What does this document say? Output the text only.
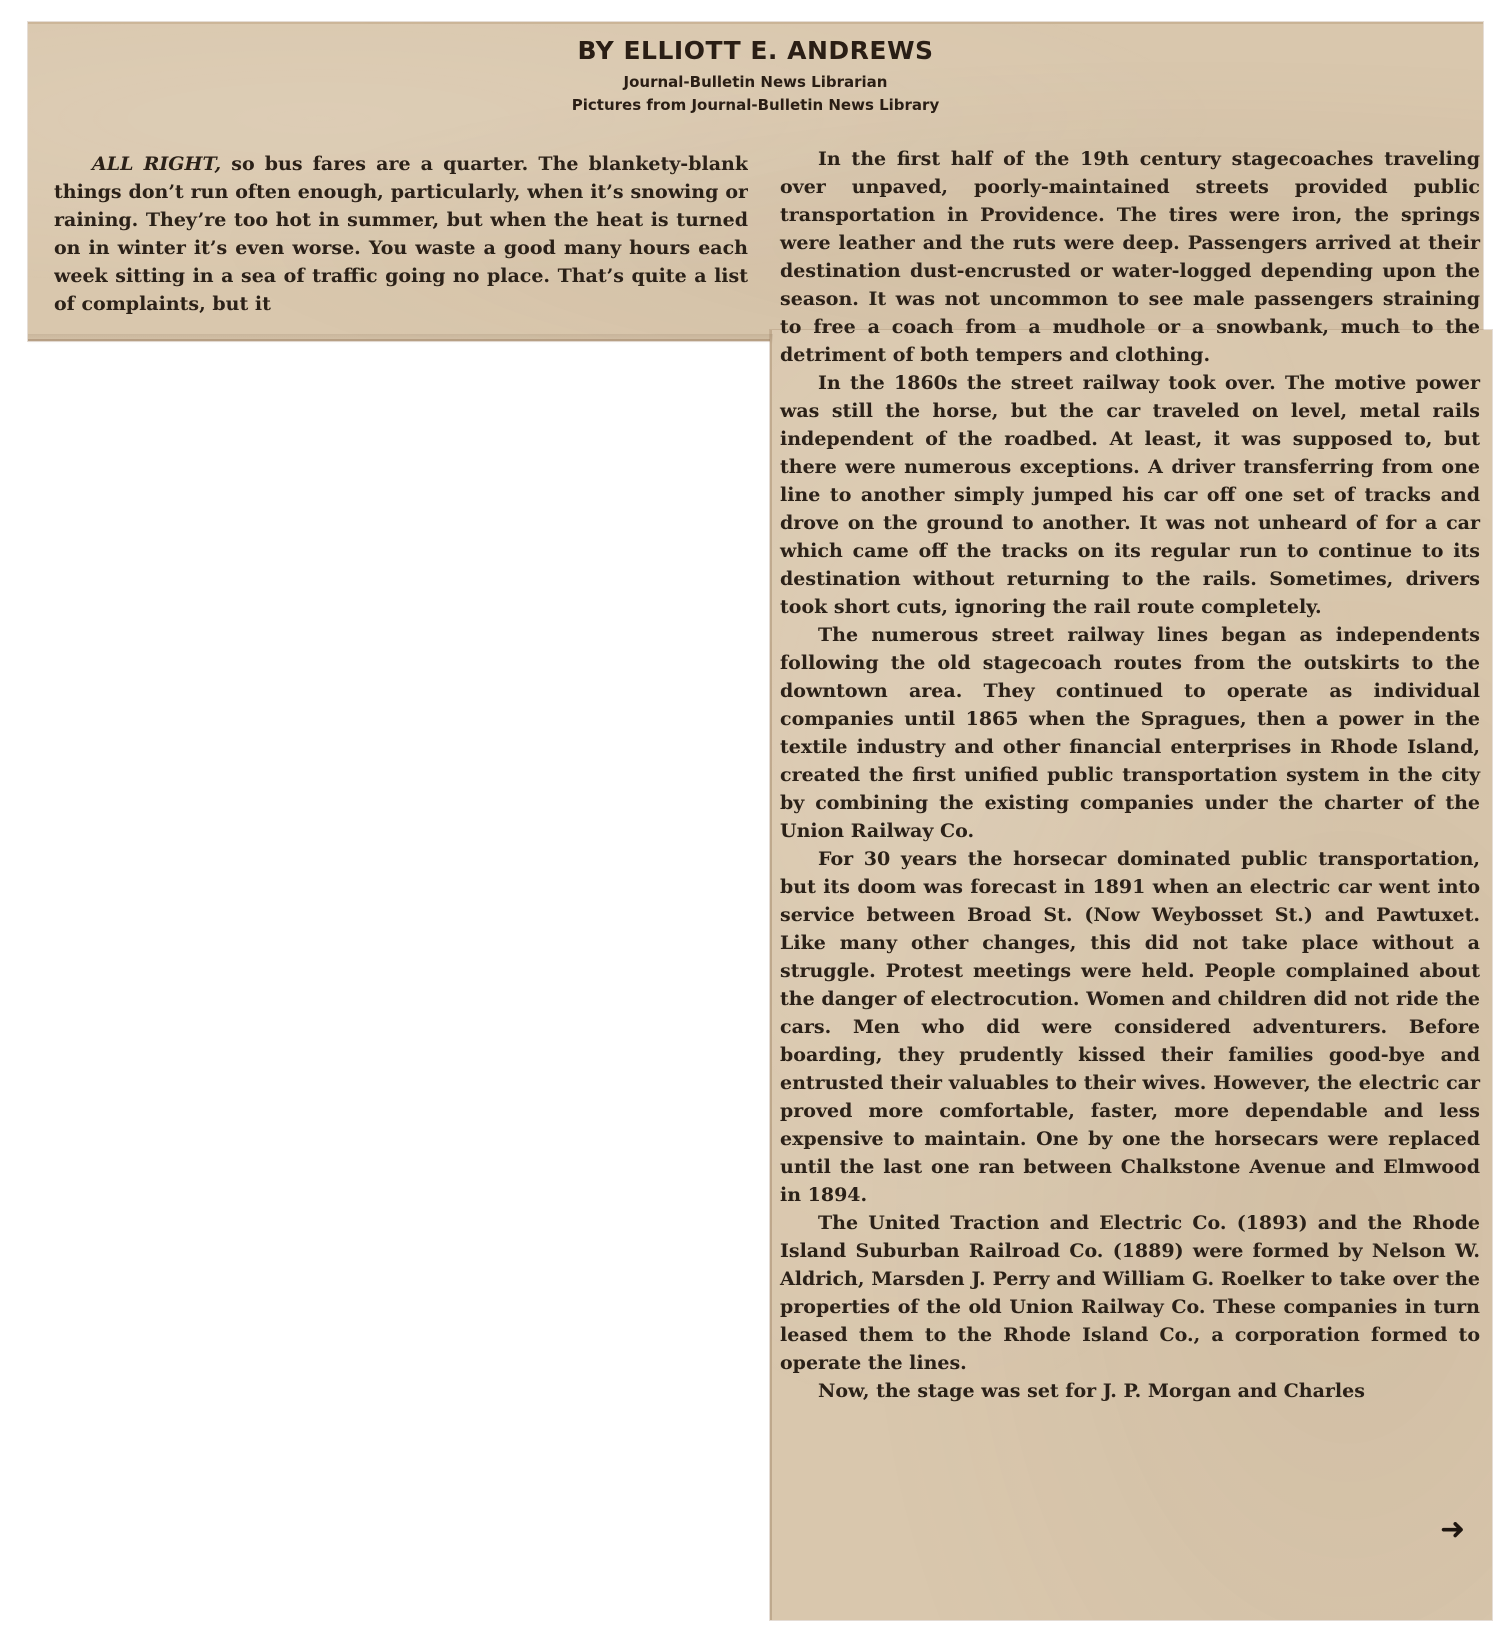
BY ELLIOTT E. ANDREWS
Journal-Bulletin News Librarian
Pictures from Journal-Bulletin News Library

ALL RIGHT, so bus fares are a quarter. The blankety-blank things don’t run often enough, particularly, when it’s snowing or raining. They’re too hot in summer, but when the heat is turned on in winter it’s even worse. You waste a good many hours each week sitting in a sea of traffic going no place. That’s quite a list of complaints, but it

In the first half of the 19th century stagecoaches traveling over unpaved, poorly-maintained streets provided public transportation in Providence. The tires were iron, the springs were leather and the ruts were deep. Passengers arrived at their destination dust-encrusted or water-logged depending upon the season. It was not uncommon to see male passengers straining to free a coach from a mudhole or a snowbank, much to the detriment of both tempers and clothing.

In the 1860s the street railway took over. The motive power was still the horse, but the car traveled on level, metal rails independent of the roadbed. At least, it was supposed to, but there were numerous exceptions. A driver transferring from one line to another simply jumped his car off one set of tracks and drove on the ground to another. It was not unheard of for a car which came off the tracks on its regular run to continue to its destination without returning to the rails. Sometimes, drivers took short cuts, ignoring the rail route completely.

The numerous street railway lines began as independents following the old stagecoach routes from the outskirts to the downtown area. They continued to operate as individual companies until 1865 when the Spragues, then a power in the textile industry and other financial enterprises in Rhode Island, created the first unified public transportation system in the city by combining the existing companies under the charter of the Union Railway Co.

For 30 years the horsecar dominated public transportation, but its doom was forecast in 1891 when an electric car went into service between Broad St. (Now Weybosset St.) and Pawtuxet. Like many other changes, this did not take place without a struggle. Protest meetings were held. People complained about the danger of electrocution. Women and children did not ride the cars. Men who did were considered adventurers. Before boarding, they prudently kissed their families good-bye and entrusted their valuables to their wives. However, the electric car proved more comfortable, faster, more dependable and less expensive to maintain. One by one the horsecars were replaced until the last one ran between Chalkstone Avenue and Elmwood in 1894.

The United Traction and Electric Co. (1893) and the Rhode Island Suburban Railroad Co. (1889) were formed by Nelson W. Aldrich, Marsden J. Perry and William G. Roelker to take over the properties of the old Union Railway Co. These companies in turn leased them to the Rhode Island Co., a corporation formed to operate the lines.

Now, the stage was set for J. P. Morgan and Charles

➜
